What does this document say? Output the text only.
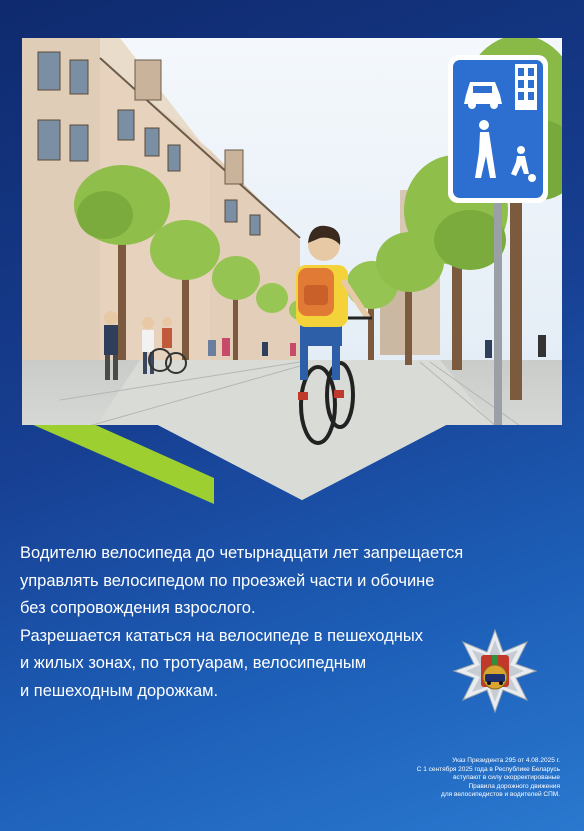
Водителю велосипеда до четырнадцати лет запрещается

управлять велосипедом по проезжей части и обочине

без сопровождения взрослого.

Разрешается кататься на велосипеде в пешеходных

и жилых зонах, по тротуарам, велосипедным

и пешеходным дорожкам.

Указ Президента 295 от 4.08.2025 г.
С 1 сентября 2025 года в Республике Беларусь
вступают в силу скорректированые
Правила дорожного движения
для велосипедистов и водителей СПМ.
